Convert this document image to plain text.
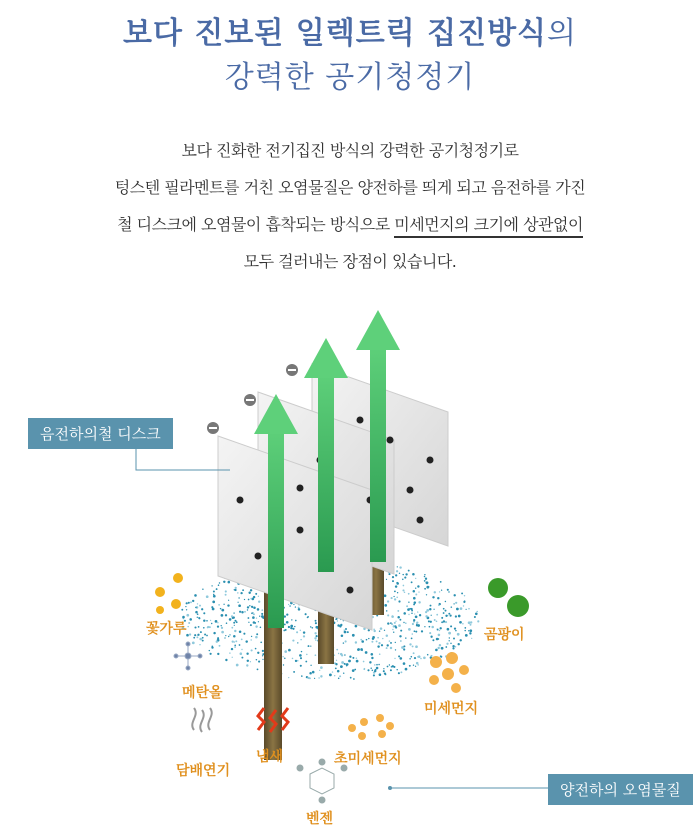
보다 진보된 일렉트릭 집진방식의
강력한 공기청정기
보다 진화한 전기집진 방식의 강력한 공기청정기로
텅스텐 필라멘트를 거친 오염물질은 양전하를 띄게 되고 음전하를 가진
철 디스크에 오염물이 흡착되는 방식으로 미세먼지의 크기에 상관없이
모두 걸러내는 장점이 있습니다.
음전하의철 디스크
양전하의 오염물질
꽃가루	곰팡이
메탄올
미세먼지
담배연기
냄새	초미세먼지
벤젠
